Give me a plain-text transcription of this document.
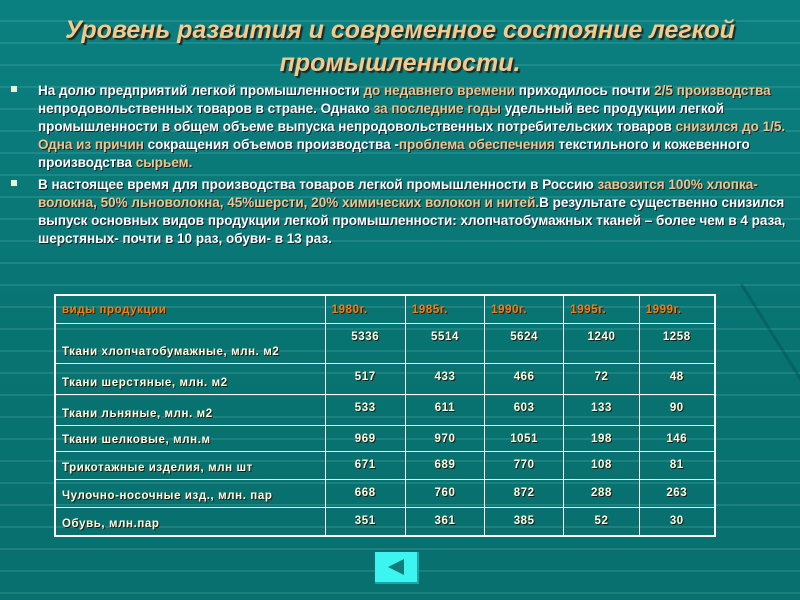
Уровень развития и современное состояние легкой промышленности.
На долю предприятий легкой промышленности до недавнего времени приходилось почти 2/5 производства непродовольственных товаров в стране. Однако за последние годы удельный вес продукции легкой промышленности в общем объеме выпуска непродовольственных потребительских товаров снизился до 1/5. Одна из причин сокращения объемов производства -проблема обеспечения текстильного и кожевенного производства сырьем.
В настоящее время для производства товаров легкой промышленности в Россию завозится 100% хлопка-волокна, 50% льноволокна, 45%шерсти, 20% химических волокон и нитей.В результате существенно снизился выпуск основных видов продукции легкой промышленности: хлопчатобумажных тканей – более чем в 4 раза, шерстяных- почти в 10 раз, обуви- в 13 раз.
виды продукции	1980г.	1985г.	1990г.	1995г.	1999г.
Ткани хлопчатобумажные, млн. м2	5336	5514	5624	1240	1258
Ткани шерстяные, млн. м2	517	433	466	72	48
Ткани льняные, млн. м2	533	611	603	133	90
Ткани шелковые, млн.м	969	970	1051	198	146
Трикотажные изделия, млн шт	671	689	770	108	81
Чулочно-носочные изд., млн. пар	668	760	872	288	263
Обувь, млн.пар	351	361	385	52	30
